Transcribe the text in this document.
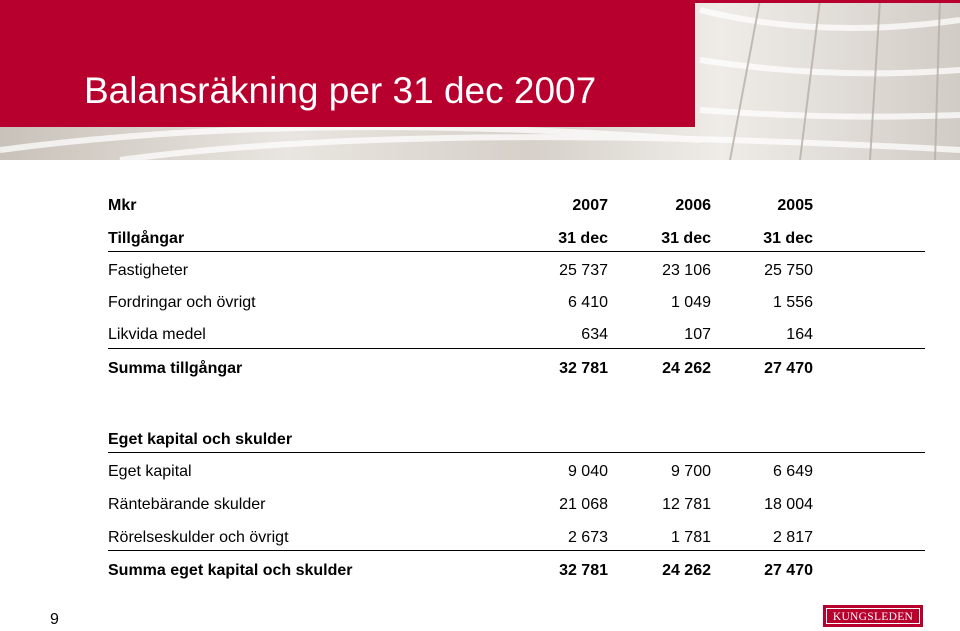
Balansräkning per 31 dec 2007
Mkr	2007	2006	2005
Tillgångar	31 dec	31 dec	31 dec
Fastigheter	25 737	23 106	25 750
Fordringar och övrigt	6 410	1 049	1 556
Likvida medel	634	107	164
Summa tillgångar	32 781	24 262	27 470
Eget kapital och skulder
Eget kapital	9 040	9 700	6 649
Räntebärande skulder	21 068	12 781	18 004
Rörelseskulder och övrigt	2 673	1 781	2 817
Summa eget kapital och skulder	32 781	24 262	27 470
9	KUNGSLEDEN
